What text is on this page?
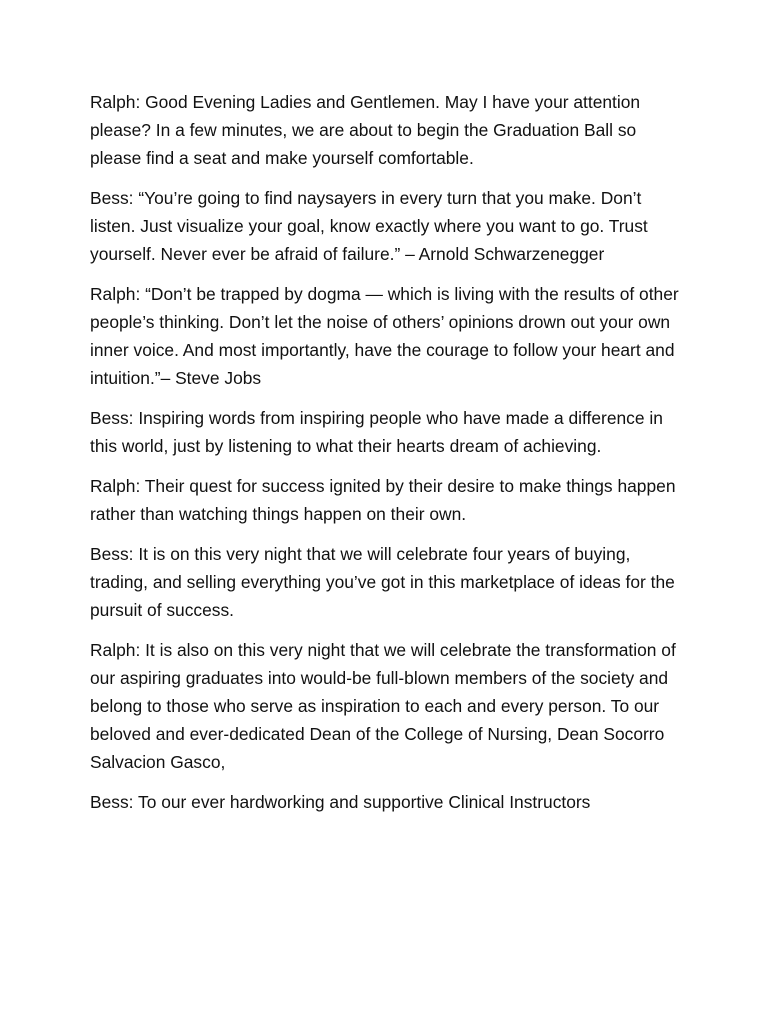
Ralph: Good Evening Ladies and Gentlemen. May I have your attention please? In a few minutes, we are about to begin the Graduation Ball so please find a seat and make yourself comfortable.

Bess: “You’re going to find naysayers in every turn that you make. Don’t listen. Just visualize your goal, know exactly where you want to go. Trust yourself. Never ever be afraid of failure.” – Arnold Schwarzenegger

Ralph: “Don’t be trapped by dogma — which is living with the results of other people’s thinking. Don’t let the noise of others’ opinions drown out your own inner voice. And most importantly, have the courage to follow your heart and intuition.”– Steve Jobs

Bess: Inspiring words from inspiring people who have made a difference in this world, just by listening to what their hearts dream of achieving.

Ralph: Their quest for success ignited by their desire to make things happen rather than watching things happen on their own.

Bess: It is on this very night that we will celebrate four years of buying, trading, and selling everything you’ve got in this marketplace of ideas for the pursuit of success.

Ralph: It is also on this very night that we will celebrate the transformation of our aspiring graduates into would-be full-blown members of the society and belong to those who serve as inspiration to each and every person. To our beloved and ever-dedicated Dean of the College of Nursing, Dean Socorro Salvacion Gasco,

Bess: To our ever hardworking and supportive Clinical Instructors
